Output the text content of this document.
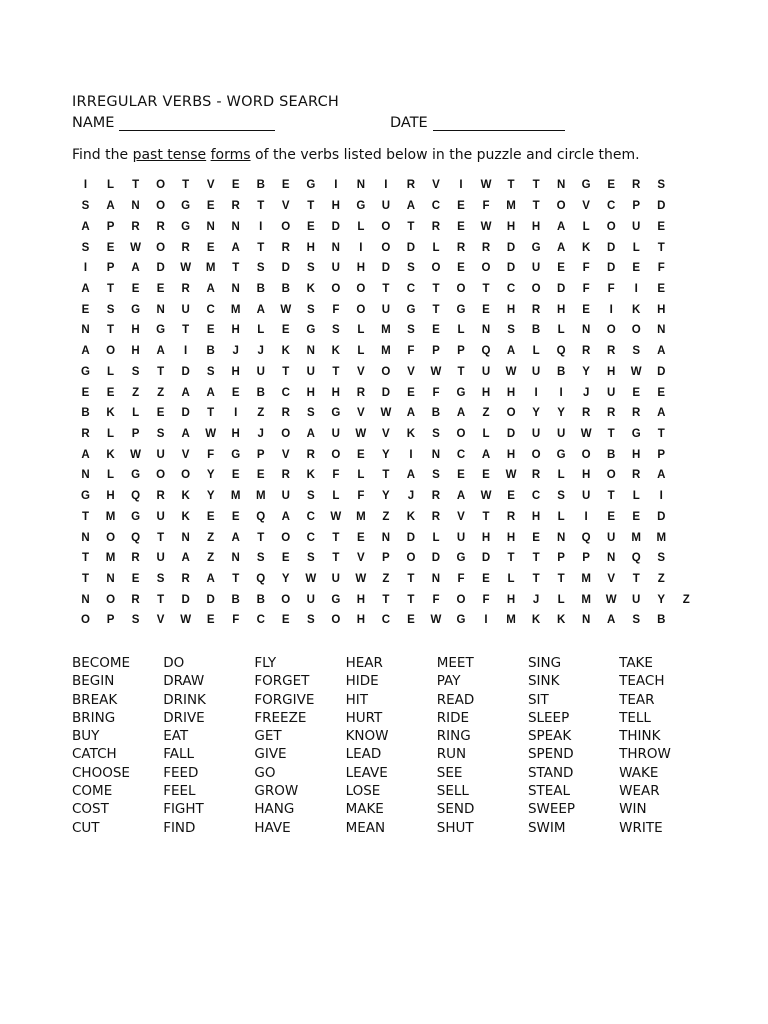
IRREGULAR VERBS - WORD SEARCH
NAME	DATE
Find the past tense forms of the verbs listed below in the puzzle and circle them.
I	L	T	O	T	V	E	B	E	G	I	N	I	R	V	I	W	T	T	N	G	E	R	S
S	A	N	O	G	E	R	T	V	T	H	G	U	A	C	E	F	M	T	O	V	C	P	D
A	P	R	R	G	N	N	I	O	E	D	L	O	T	R	E	W	H	H	A	L	O	U	E
S	E	W	O	R	E	A	T	R	H	N	I	O	D	L	R	R	D	G	A	K	D	L	T
I	P	A	D	W	M	T	S	D	S	U	H	D	S	O	E	O	D	U	E	F	D	E	F
A	T	E	E	R	A	N	B	B	K	O	O	T	C	T	O	T	C	O	D	F	F	I	E
E	S	G	N	U	C	M	A	W	S	F	O	U	G	T	G	E	H	R	H	E	I	K	H
N	T	H	G	T	E	H	L	E	G	S	L	M	S	E	L	N	S	B	L	N	O	O	N
A	O	H	A	I	B	J	J	K	N	K	L	M	F	P	P	Q	A	L	Q	R	R	S	A
G	L	S	T	D	S	H	U	T	U	T	V	O	V	W	T	U	W	U	B	Y	H	W	D
E	E	Z	Z	A	A	E	B	C	H	H	R	D	E	F	G	H	H	I	I	J	U	E	E
B	K	L	E	D	T	I	Z	R	S	G	V	W	A	B	A	Z	O	Y	Y	R	R	R	A
R	L	P	S	A	W	H	J	O	A	U	W	V	K	S	O	L	D	U	U	W	T	G	T
A	K	W	U	V	F	G	P	V	R	O	E	Y	I	N	C	A	H	O	G	O	B	H	P
N	L	G	O	O	Y	E	E	R	K	F	L	T	A	S	E	E	W	R	L	H	O	R	A
G	H	Q	R	K	Y	M	M	U	S	L	F	Y	J	R	A	W	E	C	S	U	T	L	I
T	M	G	U	K	E	E	Q	A	C	W	M	Z	K	R	V	T	R	H	L	I	E	E	D
N	O	Q	T	N	Z	A	T	O	C	T	E	N	D	L	U	H	H	E	N	Q	U	M	M
T	M	R	U	A	Z	N	S	E	S	T	V	P	O	D	G	D	T	T	P	P	N	Q	S
T	N	E	S	R	A	T	Q	Y	W	U	W	Z	T	N	F	E	L	T	T	M	V	T	Z
N	O	R	T	D	D	B	B	O	U	G	H	T	T	F	O	F	H	J	L	M	W	U	Y	Z
O	P	S	V	W	E	F	C	E	S	O	H	C	E	W	G	I	M	K	K	N	A	S	B
BECOME
BEGIN
BREAK
BRING
BUY
CATCH
CHOOSE
COME
COST
CUT
DO
DRAW
DRINK
DRIVE
EAT
FALL
FEED
FEEL
FIGHT
FIND
FLY
FORGET
FORGIVE
FREEZE
GET
GIVE
GO
GROW
HANG
HAVE
HEAR
HIDE
HIT
HURT
KNOW
LEAD
LEAVE
LOSE
MAKE
MEAN
MEET
PAY
READ
RIDE
RING
RUN
SEE
SELL
SEND
SHUT
SING
SINK
SIT
SLEEP
SPEAK
SPEND
STAND
STEAL
SWEEP
SWIM
TAKE
TEACH
TEAR
TELL
THINK
THROW
WAKE
WEAR
WIN
WRITE
